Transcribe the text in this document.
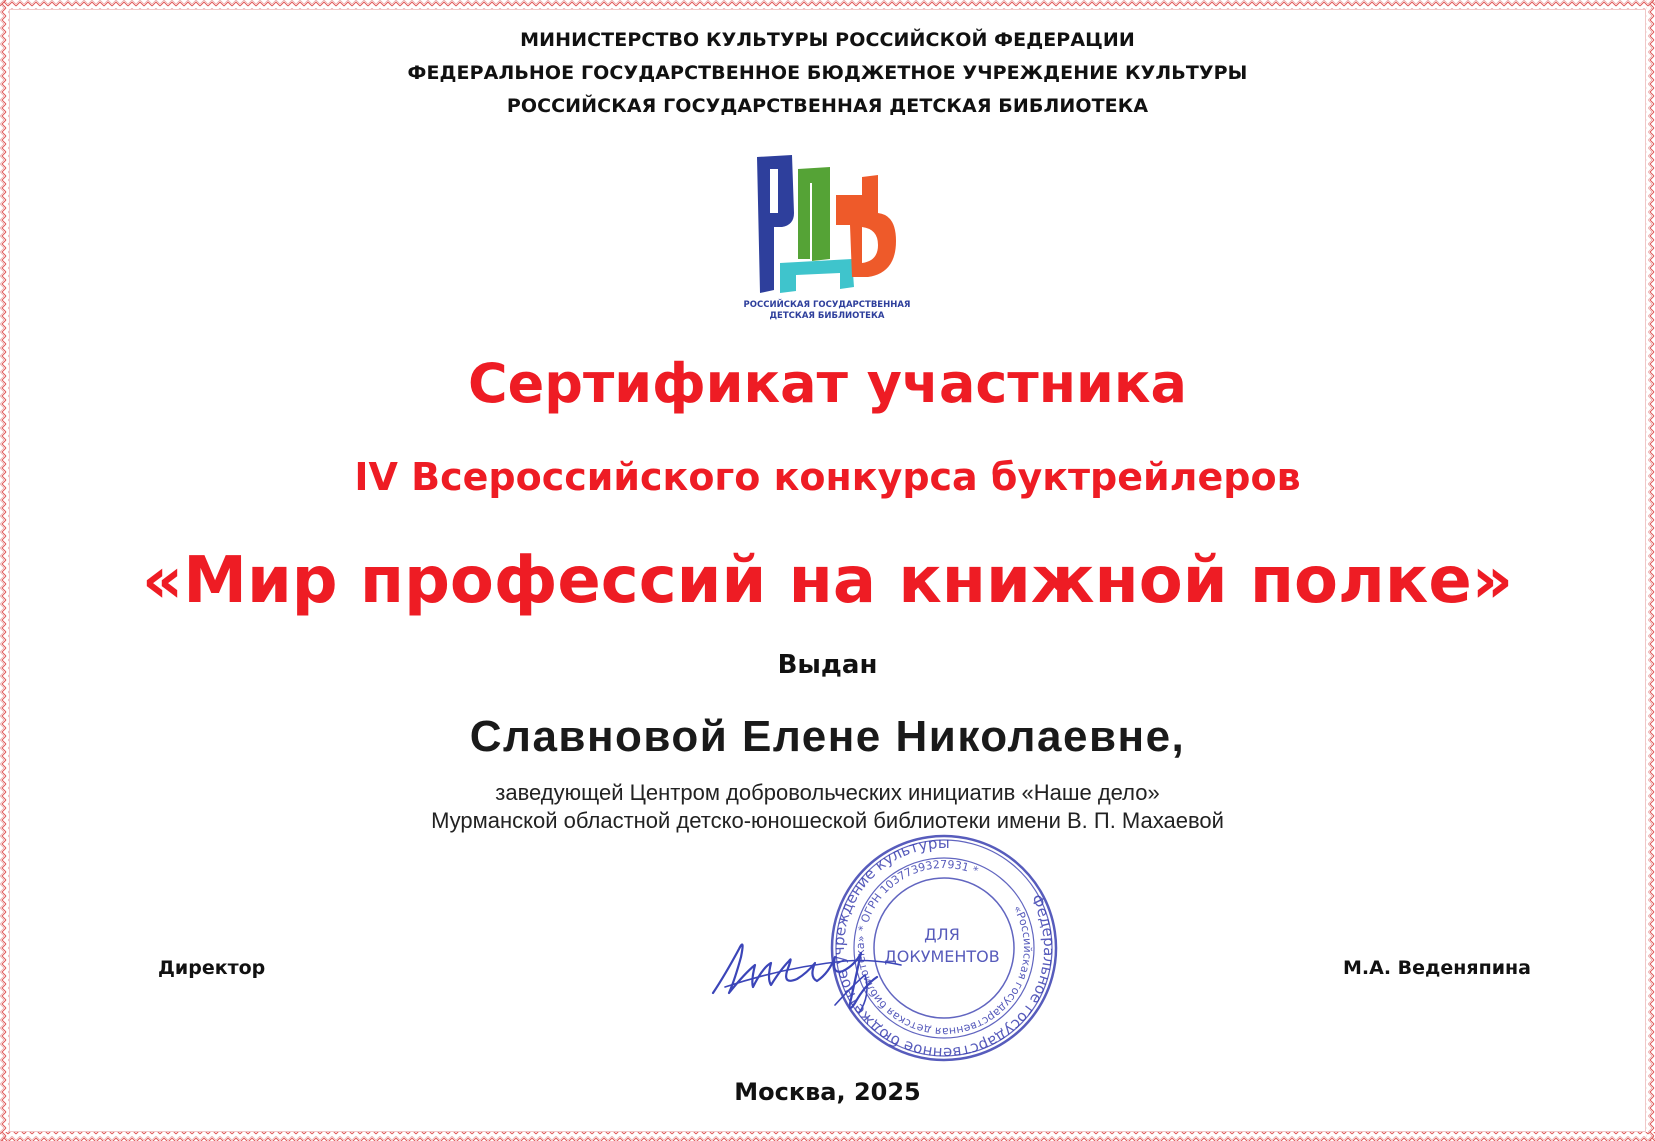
МИНИСТЕРСТВО КУЛЬТУРЫ РОССИЙСКОЙ ФЕДЕРАЦИИ
ФЕДЕРАЛЬНОЕ ГОСУДАРСТВЕННОЕ БЮДЖЕТНОЕ УЧРЕЖДЕНИЕ КУЛЬТУРЫ
РОССИЙСКАЯ ГОСУДАРСТВЕННАЯ ДЕТСКАЯ БИБЛИОТЕКА
РОССИЙСКАЯ ГОСУДАРСТВЕННАЯ
ДЕТСКАЯ БИБЛИОТЕКА
Сертификат участника
IV Всероссийского конкурса буктрейлеров
«Мир профессий на книжной полке»
Выдан
Славновой Елене Николаевне,
заведующей Центром добровольческих инициатив «Наше дело»
Мурманской областной детско-юношеской библиотеки имени В. П. Махаевой
Директор	М.А. Веденяпина
Федеральное государственное бюджетное учреждение культуры
«Российская государственная детская библиотека» * ОГРН 1037739327931 *
ДЛЯ
ДОКУМЕНТОВ
Москва, 2025
